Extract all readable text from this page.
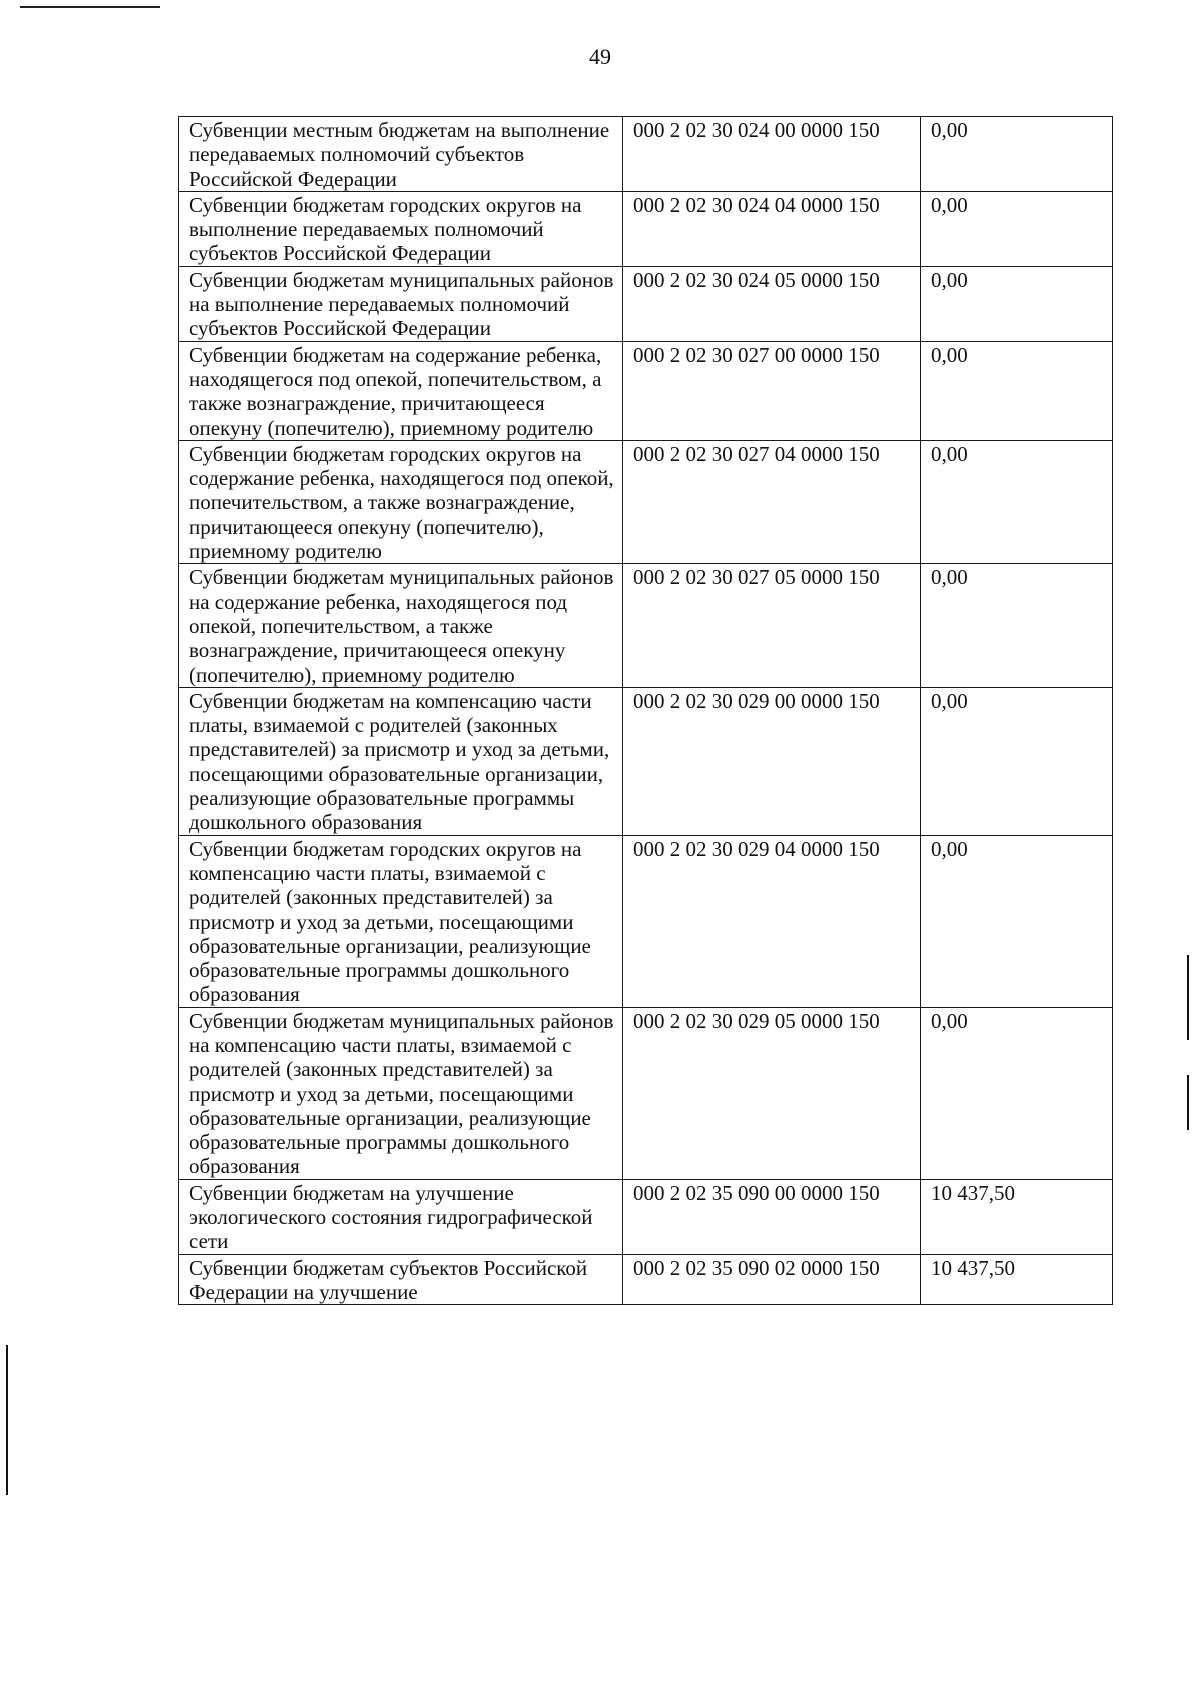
49
Субвенции местным бюджетам на выполнение передаваемых полномочий субъектов Российской Федерации	000 2 02 30 024 00 0000 150	0,00
Субвенции бюджетам городских округов на выполнение передаваемых полномочий субъектов Российской Федерации	000 2 02 30 024 04 0000 150	0,00
Субвенции бюджетам муниципальных районов на выполнение передаваемых полномочий субъектов Российской Федерации	000 2 02 30 024 05 0000 150	0,00
Субвенции бюджетам на содержание ребенка, находящегося под опекой, попечительством, а также вознаграждение, причитающееся опекуну (попечителю), приемному родителю	000 2 02 30 027 00 0000 150	0,00
Субвенции бюджетам городских округов на содержание ребенка, находящегося под опекой, попечительством, а также вознаграждение, причитающееся опекуну (попечителю), приемному родителю	000 2 02 30 027 04 0000 150	0,00
Субвенции бюджетам муниципальных районов на содержание ребенка, находящегося под опекой, попечительством, а также вознаграждение, причитающееся опекуну (попечителю), приемному родителю	000 2 02 30 027 05 0000 150	0,00
Субвенции бюджетам на компенсацию части платы, взимаемой с родителей (законных представителей) за присмотр и уход за детьми, посещающими образовательные организации, реализующие образовательные программы дошкольного образования	000 2 02 30 029 00 0000 150	0,00
Субвенции бюджетам городских округов на компенсацию части платы, взимаемой с родителей (законных представителей) за присмотр и уход за детьми, посещающими образовательные организации, реализующие образовательные программы дошкольного образования	000 2 02 30 029 04 0000 150	0,00
Субвенции бюджетам муниципальных районов на компенсацию части платы, взимаемой с родителей (законных представителей) за присмотр и уход за детьми, посещающими образовательные организации, реализующие образовательные программы дошкольного образования	000 2 02 30 029 05 0000 150	0,00
Субвенции бюджетам на улучшение экологического состояния гидрографической сети	000 2 02 35 090 00 0000 150	10 437,50
Субвенции бюджетам субъектов Российской Федерации на улучшение	000 2 02 35 090 02 0000 150	10 437,50
